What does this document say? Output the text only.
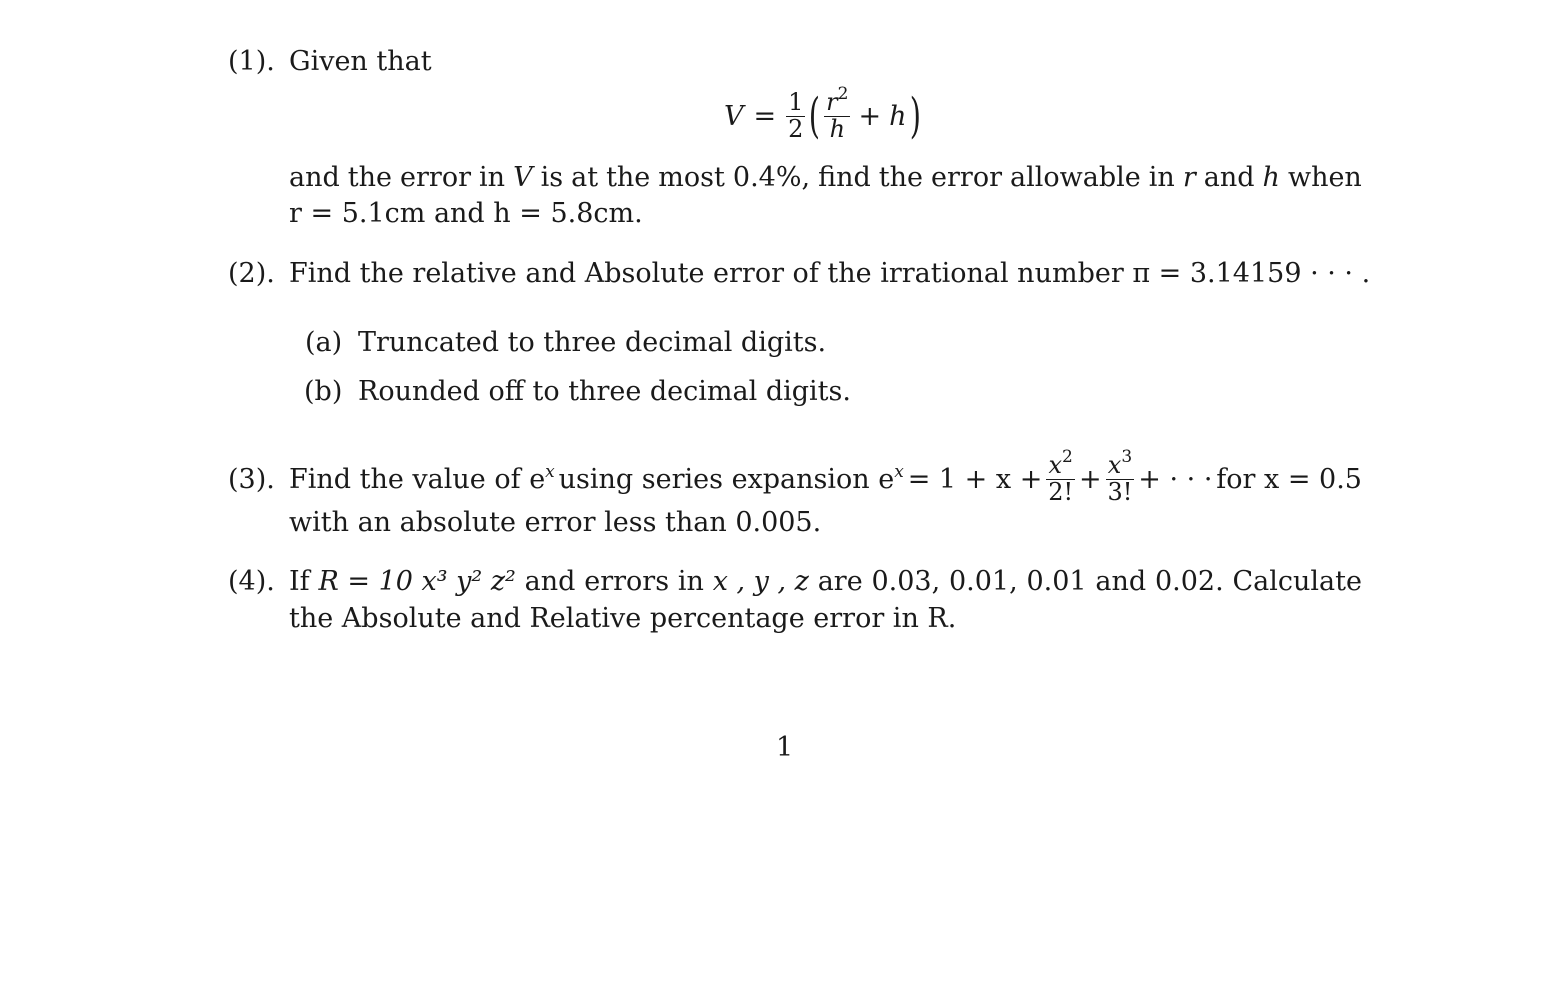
(1). Given that
$V = \frac{1}{2}$ ( $\frac{r^2}{h} + h$ )
and the error in V is at the most 0.4%, find the error allowable in r and h when
r = 5.1cm and h = 5.8cm.
(2). Find the relative and Absolute error of the irrational number π = 3.14159 · · · .
(a) Truncated to three decimal digits.
(b) Rounded off to three decimal digits.
(3). Find the value of $e^x$ using series expansion $e^x = 1 + x + \frac{x^2}{2!} + \frac{x^3}{3!}$ + · · · for x = 0.5
with an absolute error less than 0.005.
(4). If R = 10 x³ y² z² and errors in x , y , z are 0.03, 0.01, 0.01 and 0.02. Calculate
the Absolute and Relative percentage error in R.
1
